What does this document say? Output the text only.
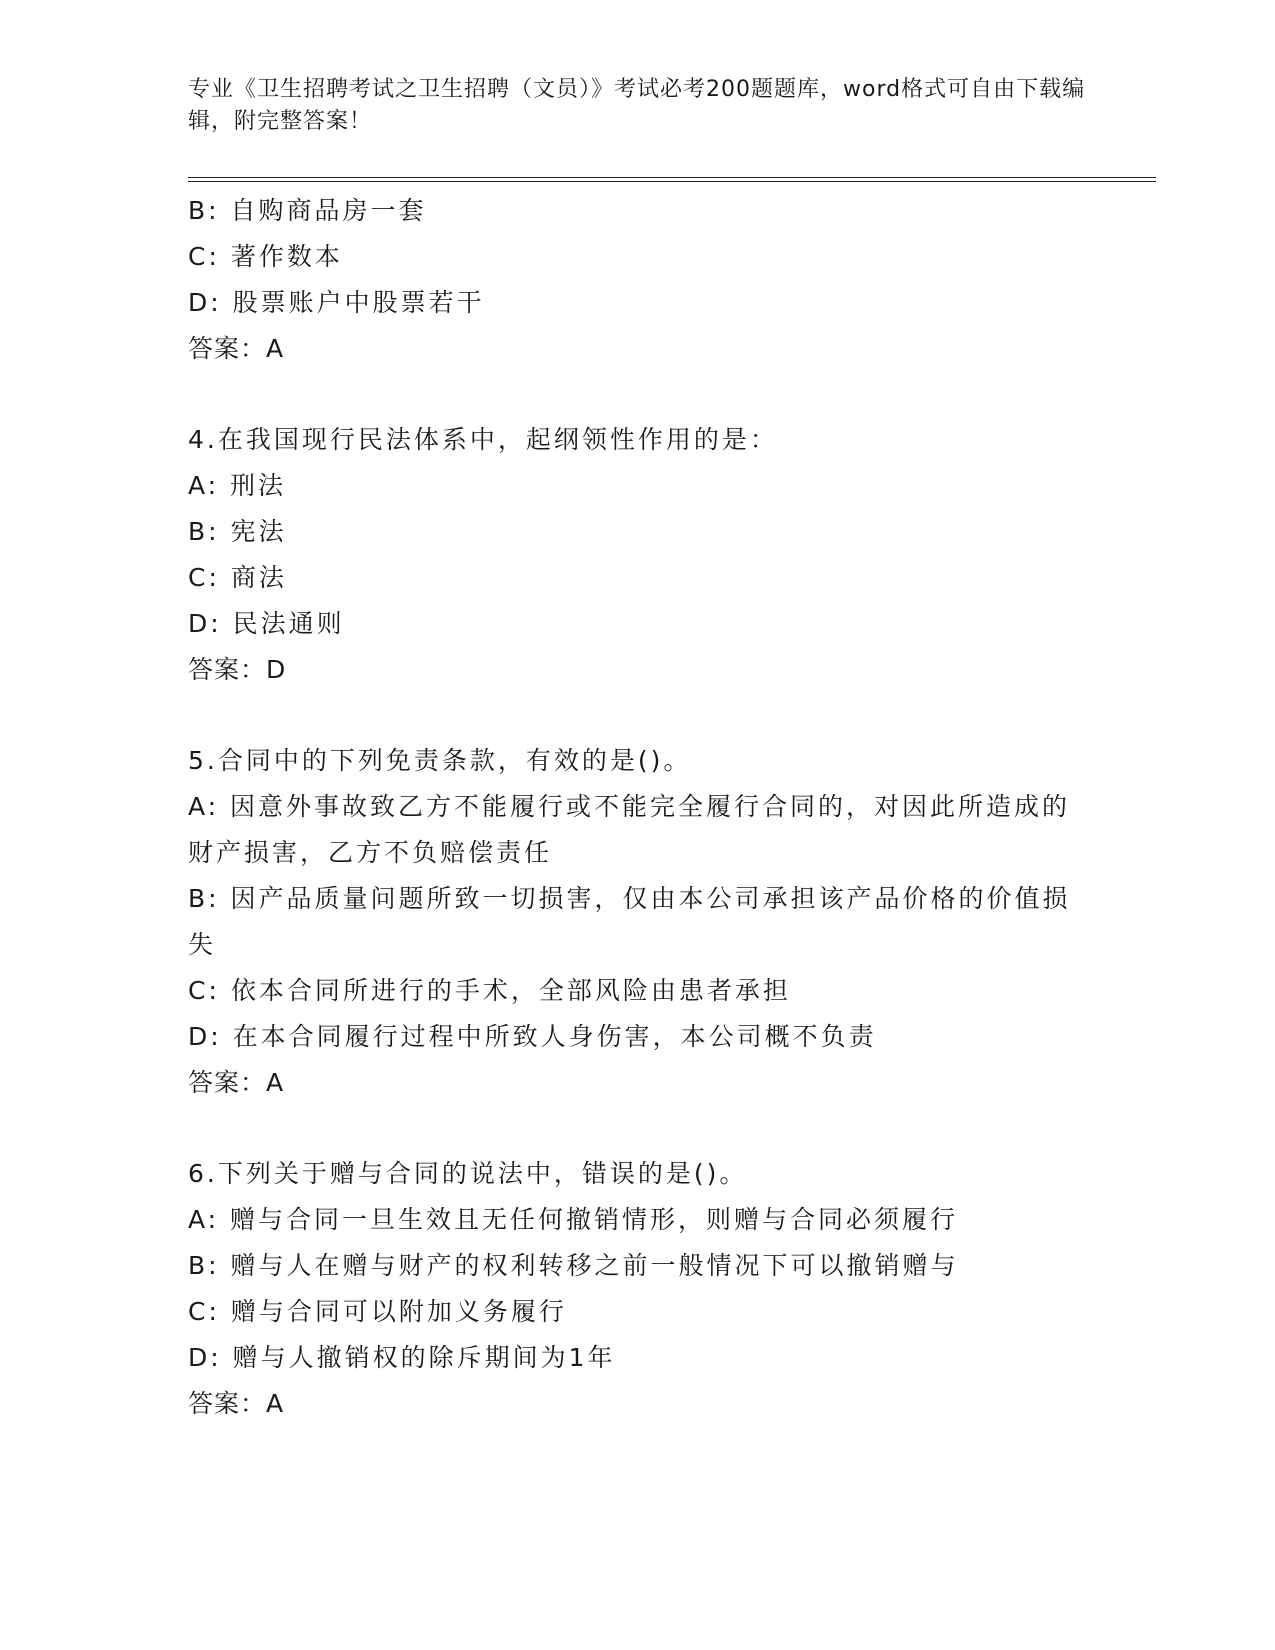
专业《卫生招聘考试之卫生招聘（文员）》考试必考200题题库，word格式可自由下载编辑，附完整答案！
B: 自购商品房一套
C: 著作数本
D: 股票账户中股票若干
答案：A
4.在我国现行民法体系中，起纲领性作用的是：
A: 刑法
B: 宪法
C: 商法
D: 民法通则
答案：D
5.合同中的下列免责条款，有效的是()。
A: 因意外事故致乙方不能履行或不能完全履行合同的，对因此所造成的财产损害，乙方不负赔偿责任
B: 因产品质量问题所致一切损害，仅由本公司承担该产品价格的价值损失
C: 依本合同所进行的手术，全部风险由患者承担
D: 在本合同履行过程中所致人身伤害，本公司概不负责
答案：A
6.下列关于赠与合同的说法中，错误的是()。
A: 赠与合同一旦生效且无任何撤销情形，则赠与合同必须履行
B: 赠与人在赠与财产的权利转移之前一般情况下可以撤销赠与
C: 赠与合同可以附加义务履行
D: 赠与人撤销权的除斥期间为1年
答案：A
